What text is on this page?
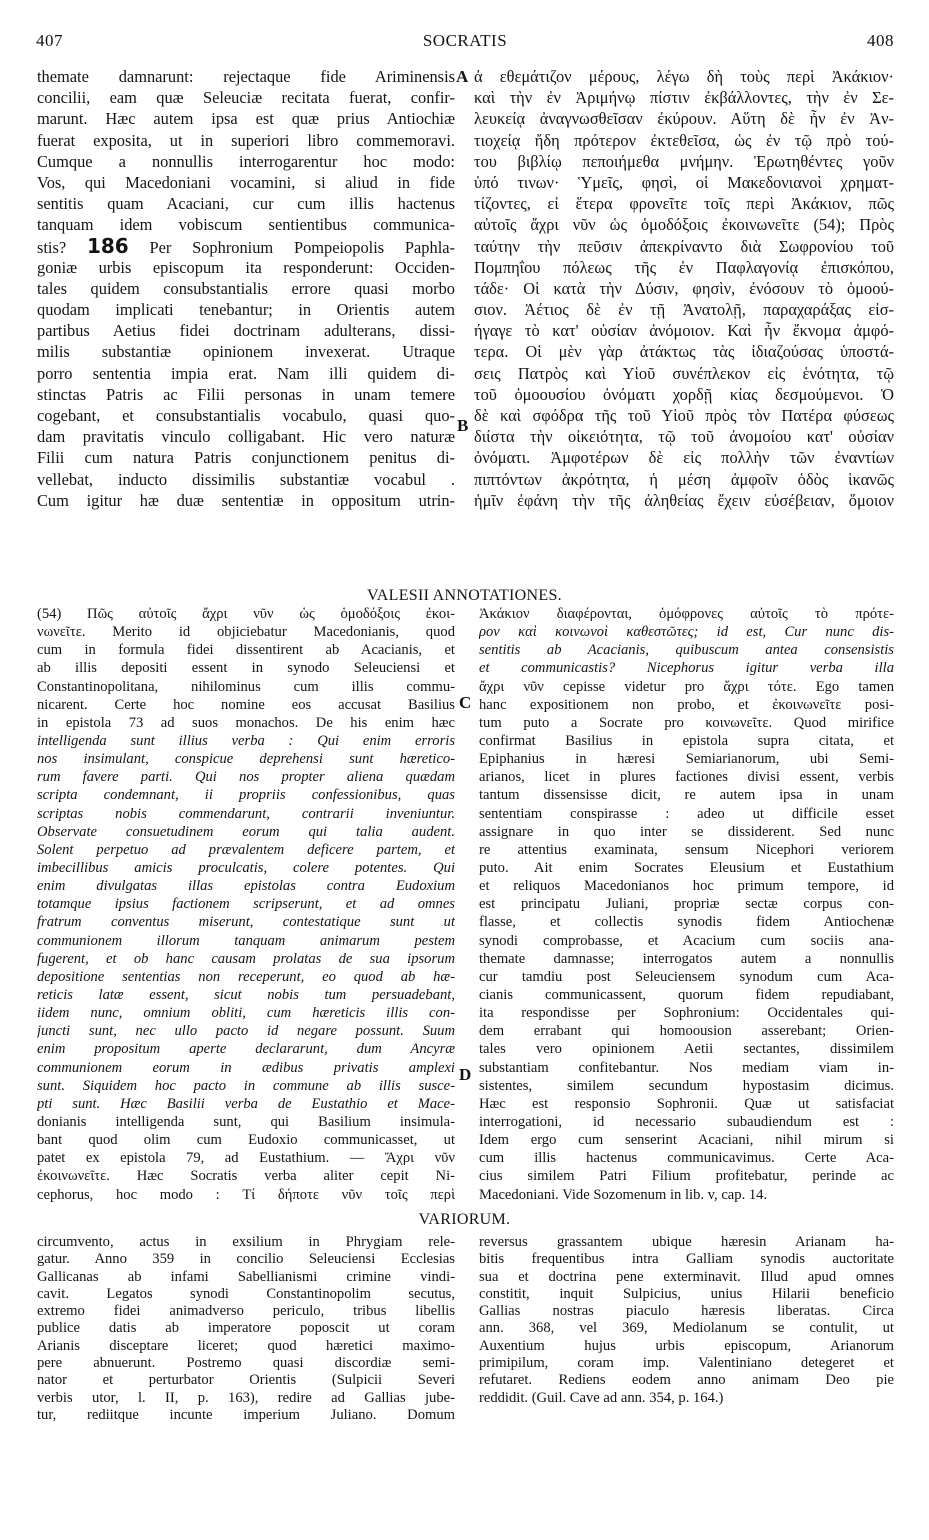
407	SOCRATIS	408
themate damnarunt: rejectaque fide Ariminensis
concilii, eam quæ Seleuciæ recitata fuerat, confir-
marunt. Hæc autem ipsa est quæ prius Antiochiæ
fuerat exposita, ut in superiori libro commemoravi.
Cumque a nonnullis interrogarentur hoc modo:
Vos, qui Macedoniani vocamini, si aliud in fide
sentitis quam Acaciani, cur cum illis hactenus
tanquam idem vobiscum sentientibus communica-
stis? 186 Per Sophronium Pompeiopolis Paphla-
goniæ urbis episcopum ita responderunt: Occiden-
tales quidem consubstantialis errore quasi morbo
quodam implicati tenebantur; in Orientis autem
partibus Aetius fidei doctrinam adulterans, dissi-
milis substantiæ opinionem invexerat. Utraque
porro sententia impia erat. Nam illi quidem di-
stinctas Patris ac Filii personas in unam temere
cogebant, et consubstantialis vocabulo, quasi quo-
dam pravitatis vinculo colligabant. Hic vero naturæ
Filii cum natura Patris conjunctionem penitus di-
vellebat, inducto dissimilis substantiæ vocabul .
Cum igitur hæ duæ sententiæ in oppositum utrin-
ἀ εθεμάτιζον μέρους, λέγω δὴ τοὺς περὶ Ἀκάκιον·
καὶ τὴν ἐν Ἀριμήνῳ πίστιν ἐκβάλλοντες, τὴν ἐν Σε-
λευκείᾳ ἀναγνωσθεῖσαν ἐκύρουν. Αὕτη δὲ ἦν ἐν Ἀν-
τιοχείᾳ ἤδη πρότερον ἐκτεθεῖσα, ὡς ἐν τῷ πρὸ τού-
του βιβλίῳ πεποιήμεθα μνήμην. Ἐρωτηθέντες γοῦν
ὑπό τινων· Ὑμεῖς, φησὶ, οἱ Μακεδονιανοὶ χρηματ-
τίζοντες, εἰ ἕτερα φρονεῖτε τοῖς περὶ Ἀκάκιον, πῶς
αὐτοῖς ἄχρι νῦν ὡς ὁμοδόξοις ἐκοινωνεῖτε (54); Πρὸς
ταύτην τὴν πεῦσιν ἀπεκρίναντο διὰ Σωφρονίου τοῦ
Πομπηΐου πόλεως τῆς ἐν Παφλαγονίᾳ ἐπισκόπου,
τάδε· Οἱ κατὰ τὴν Δύσιν, φησὶν, ἐνόσουν τὸ ὁμοού-
σιον. Ἀέτιος δὲ ἐν τῇ Ἀνατολῇ, παραχαράξας εἰσ-
ήγαγε τὸ κατ' οὐσίαν ἀνόμοιον. Καὶ ἦν ἔκνομα ἀμφό-
τερα. Οἱ μὲν γὰρ ἀτάκτως τὰς ἰδιαζούσας ὑποστά-
σεις Πατρὸς καὶ Υἱοῦ συνέπλεκον εἰς ἑνότητα, τῷ
τοῦ ὁμοουσίου ὀνόματι χορδῇ κίας δεσμούμενοι. Ὁ
δὲ καὶ σφόδρα τῆς τοῦ Υἱοῦ πρὸς τὸν Πατέρα φύσεως
διίστα τὴν οἰκειότητα, τῷ τοῦ ἀνομοίου κατ' οὐσίαν
ὀνόματι. Ἀμφοτέρων δὲ εἰς πολλὴν τῶν ἐναντίων
πιπτόντων ἀκρότητα, ἡ μέση ἀμφοῖν ὁδὸς ἱκανῶς
ἡμῖν ἐφάνη τὴν τῆς ἀληθείας ἔχειν εὐσέβειαν, ὅμοιον
A
B
C
D
VALESII ANNOTATIONES.
(54) Πῶς αὐτοῖς ἄχρι νῦν ὡς ὁμοδόξοις ἐκοι-
νωνεῖτε. Merito id objiciebatur Macedonianis, quod
cum in formula fidei dissentirent ab Acacianis, et
ab illis depositi essent in synodo Seleuciensi et
Constantinopolitana, nihilominus cum illis commu-
nicarent. Certe hoc nomine eos accusat Basilius
in epistola 73 ad suos monachos. De his enim hæc
intelligenda sunt illius verba : Qui enim erroris
nos insimulant, conspicue deprehensi sunt hæretico-
rum favere parti. Qui nos propter aliena quædam
scripta condemnant, ii propriis confessionibus, quas
scriptas nobis commendarunt, contrarii inveniuntur.
Observate consuetudinem eorum qui talia audent.
Solent perpetuo ad prævalentem deficere partem, et
imbecillibus amicis proculcatis, colere potentes. Qui
enim divulgatas illas epistolas contra Eudoxium
totamque ipsius factionem scripserunt, et ad omnes
fratrum conventus miserunt, contestatique sunt ut
communionem illorum tanquam animarum pestem
fugerent, et ob hanc causam prolatas de sua ipsorum
depositione sententias non receperunt, eo quod ab hæ-
reticis latæ essent, sicut nobis tum persuadebant,
iidem nunc, omnium obliti, cum hæreticis illis con-
juncti sunt, nec ullo pacto id negare possunt. Suum
enim propositum aperte declararunt, dum Ancyræ
communionem eorum in ædibus privatis amplexi
sunt. Siquidem hoc pacto in commune ab illis susce-
pti sunt. Hæc Basilii verba de Eustathio et Mace-
donianis intelligenda sunt, qui Basilium insimula-
bant quod olim cum Eudoxio communicasset, ut
patet ex epistola 79, ad Eustathium. — Ἄχρι νῦν
ἐκοινωνεῖτε. Hæc Socratis verba aliter cepit Ni-
cephorus, hoc modo : Τί δήποτε νῦν τοῖς περὶ
Ἀκάκιον διαφέρονται, ὁμόφρονες αὐτοῖς τὸ πρότε-
ρον καὶ κοινωνοὶ καθεστῶτες; id est, Cur nunc dis-
sentitis ab Acacianis, quibuscum antea consensistis
et communicastis? Nicephorus igitur verba illa
ἄχρι νῦν cepisse videtur pro ἄχρι τότε. Ego tamen
hanc expositionem non probo, et ἐκοινωνεῖτε posi-
tum puto a Socrate pro κοινωνεῖτε. Quod mirifice
confirmat Basilius in epistola supra citata, et
Epiphanius in hæresi Semiarianorum, ubi Semi-
arianos, licet in plures factiones divisi essent, verbis
tantum dissensisse dicit, re autem ipsa in unam
sententiam conspirasse : adeo ut difficile esset
assignare in quo inter se dissiderent. Sed nunc
re attentius examinata, sensum Nicephori veriorem
puto. Ait enim Socrates Eleusium et Eustathium
et reliquos Macedonianos hoc primum tempore, id
est principatu Juliani, propriæ sectæ corpus con-
flasse, et collectis synodis fidem Antiochenæ
synodi comprobasse, et Acacium cum sociis ana-
themate damnasse; interrogatos autem a nonnullis
cur tamdiu post Seleuciensem synodum cum Aca-
cianis communicassent, quorum fidem repudiabant,
ita respondisse per Sophronium: Occidentales qui-
dem errabant qui homoousion asserebant; Orien-
tales vero opinionem Aetii sectantes, dissimilem
substantiam confitebantur. Nos mediam viam in-
sistentes, similem secundum hypostasim dicimus.
Hæc est responsio Sophronii. Quæ ut satisfaciat
interrogationi, id necessario subaudiendum est :
Idem ergo cum senserint Acaciani, nihil mirum si
cum illis hactenus communicavimus. Certe Aca-
cius similem Patri Filium profitebatur, perinde ac
Macedoniani. Vide Sozomenum in lib. v, cap. 14.
VARIORUM.
circumvento, actus in exsilium in Phrygiam rele-
gatur. Anno 359 in concilio Seleuciensi Ecclesias
Gallicanas ab infami Sabellianismi crimine vindi-
cavit. Legatos synodi Constantinopolim secutus,
extremo fidei animadverso periculo, tribus libellis
publice datis ab imperatore poposcit ut coram
Arianis disceptare liceret; quod hæretici maximo-
pere abnuerunt. Postremo quasi discordiæ semi-
nator et perturbator Orientis (Sulpicii Severi
verbis utor, l. II, p. 163), redire ad Gallias jube-
tur, rediitque incunte imperium Juliano. Domum
reversus grassantem ubique hæresin Arianam ha-
bitis frequentibus intra Galliam synodis auctoritate
sua et doctrina pene exterminavit. Illud apud omnes
constitit, inquit Sulpicius, unius Hilarii beneficio
Gallias nostras piaculo hæresis liberatas. Circa
ann. 368, vel 369, Mediolanum se contulit, ut
Auxentium hujus urbis episcopum, Arianorum
primipilum, coram imp. Valentiniano detegeret et
refutaret. Rediens eodem anno animam Deo pie
reddidit. (Guil. Cave ad ann. 354, p. 164.)
